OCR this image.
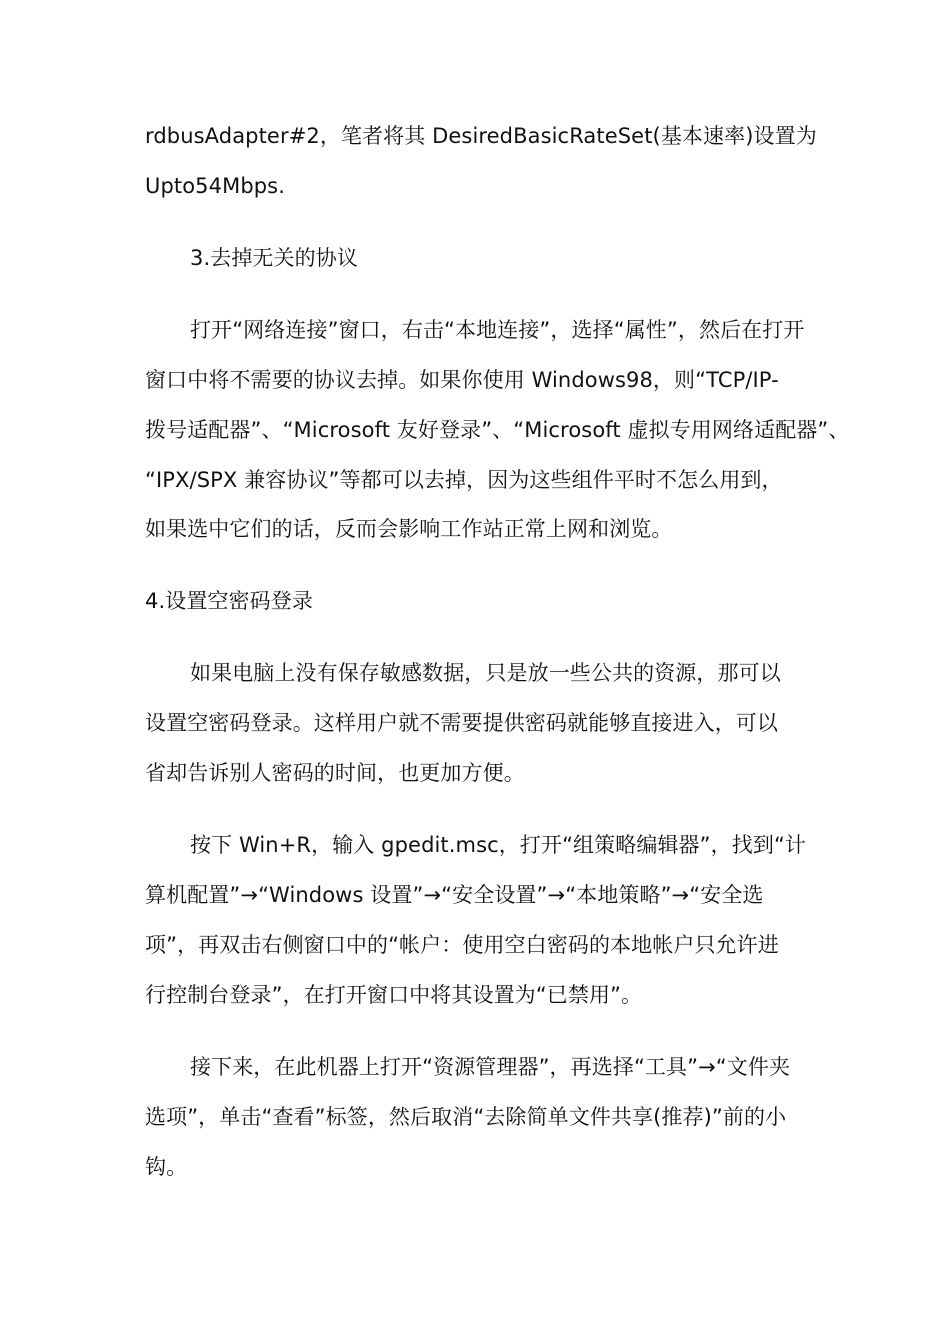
rdbusAdapter#2，笔者将其 DesiredBasicRateSet(基本速率)设置为
Upto54Mbps.
3.去掉无关的协议
打开“网络连接”窗口，右击“本地连接”，选择“属性”，然后在打开
窗口中将不需要的协议去掉。如果你使用 Windows98，则“TCP/IP-
拨号适配器”、“Microsoft 友好登录”、“Microsoft 虚拟专用网络适配器”、
“IPX/SPX 兼容协议”等都可以去掉，因为这些组件平时不怎么用到，
如果选中它们的话，反而会影响工作站正常上网和浏览。
4.设置空密码登录
如果电脑上没有保存敏感数据，只是放一些公共的资源，那可以
设置空密码登录。这样用户就不需要提供密码就能够直接进入，可以
省却告诉别人密码的时间，也更加方便。
按下 Win+R，输入 gpedit.msc，打开“组策略编辑器”，找到“计
算机配置”→“Windows 设置”→“安全设置”→“本地策略”→“安全选
项”，再双击右侧窗口中的“帐户：使用空白密码的本地帐户只允许进
行控制台登录”，在打开窗口中将其设置为“已禁用”。
接下来，在此机器上打开“资源管理器”，再选择“工具”→“文件夹
选项”，单击“查看”标签，然后取消“去除简单文件共享(推荐)”前的小
钩。
